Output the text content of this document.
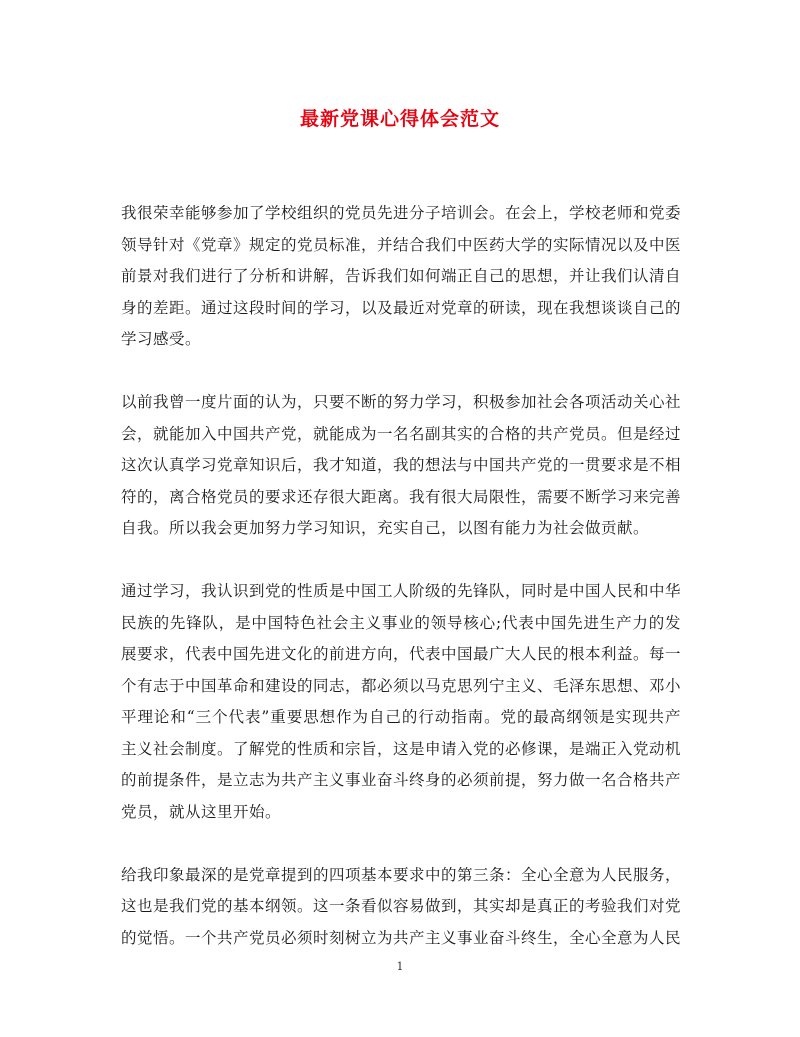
最新党课心得体会范文

我很荣幸能够参加了学校组织的党员先进分子培训会。在会上，学校老师和党委领导针对《党章》规定的党员标准，并结合我们中医药大学的实际情况以及中医前景对我们进行了分析和讲解，告诉我们如何端正自己的思想，并让我们认清自身的差距。通过这段时间的学习，以及最近对党章的研读，现在我想谈谈自己的学习感受。

以前我曾一度片面的认为，只要不断的努力学习，积极参加社会各项活动关心社会，就能加入中国共产党，就能成为一名名副其实的合格的共产党员。但是经过这次认真学习党章知识后，我才知道，我的想法与中国共产党的一贯要求是不相符的，离合格党员的要求还存很大距离。我有很大局限性，需要不断学习来完善自我。所以我会更加努力学习知识，充实自己，以图有能力为社会做贡献。

通过学习，我认识到党的性质是中国工人阶级的先锋队，同时是中国人民和中华民族的先锋队，是中国特色社会主义事业的领导核心;代表中国先进生产力的发展要求，代表中国先进文化的前进方向，代表中国最广大人民的根本利益。每一个有志于中国革命和建设的同志，都必须以马克思列宁主义、毛泽东思想、邓小平理论和“三个代表”重要思想作为自己的行动指南。党的最高纲领是实现共产主义社会制度。了解党的性质和宗旨，这是申请入党的必修课，是端正入党动机的前提条件，是立志为共产主义事业奋斗终身的必须前提，努力做一名合格共产党员，就从这里开始。

给我印象最深的是党章提到的四项基本要求中的第三条：全心全意为人民服务，这也是我们党的基本纲领。这一条看似容易做到，其实却是真正的考验我们对党的觉悟。一个共产党员必须时刻树立为共产主义事业奋斗终生，全心全意为人民

1
